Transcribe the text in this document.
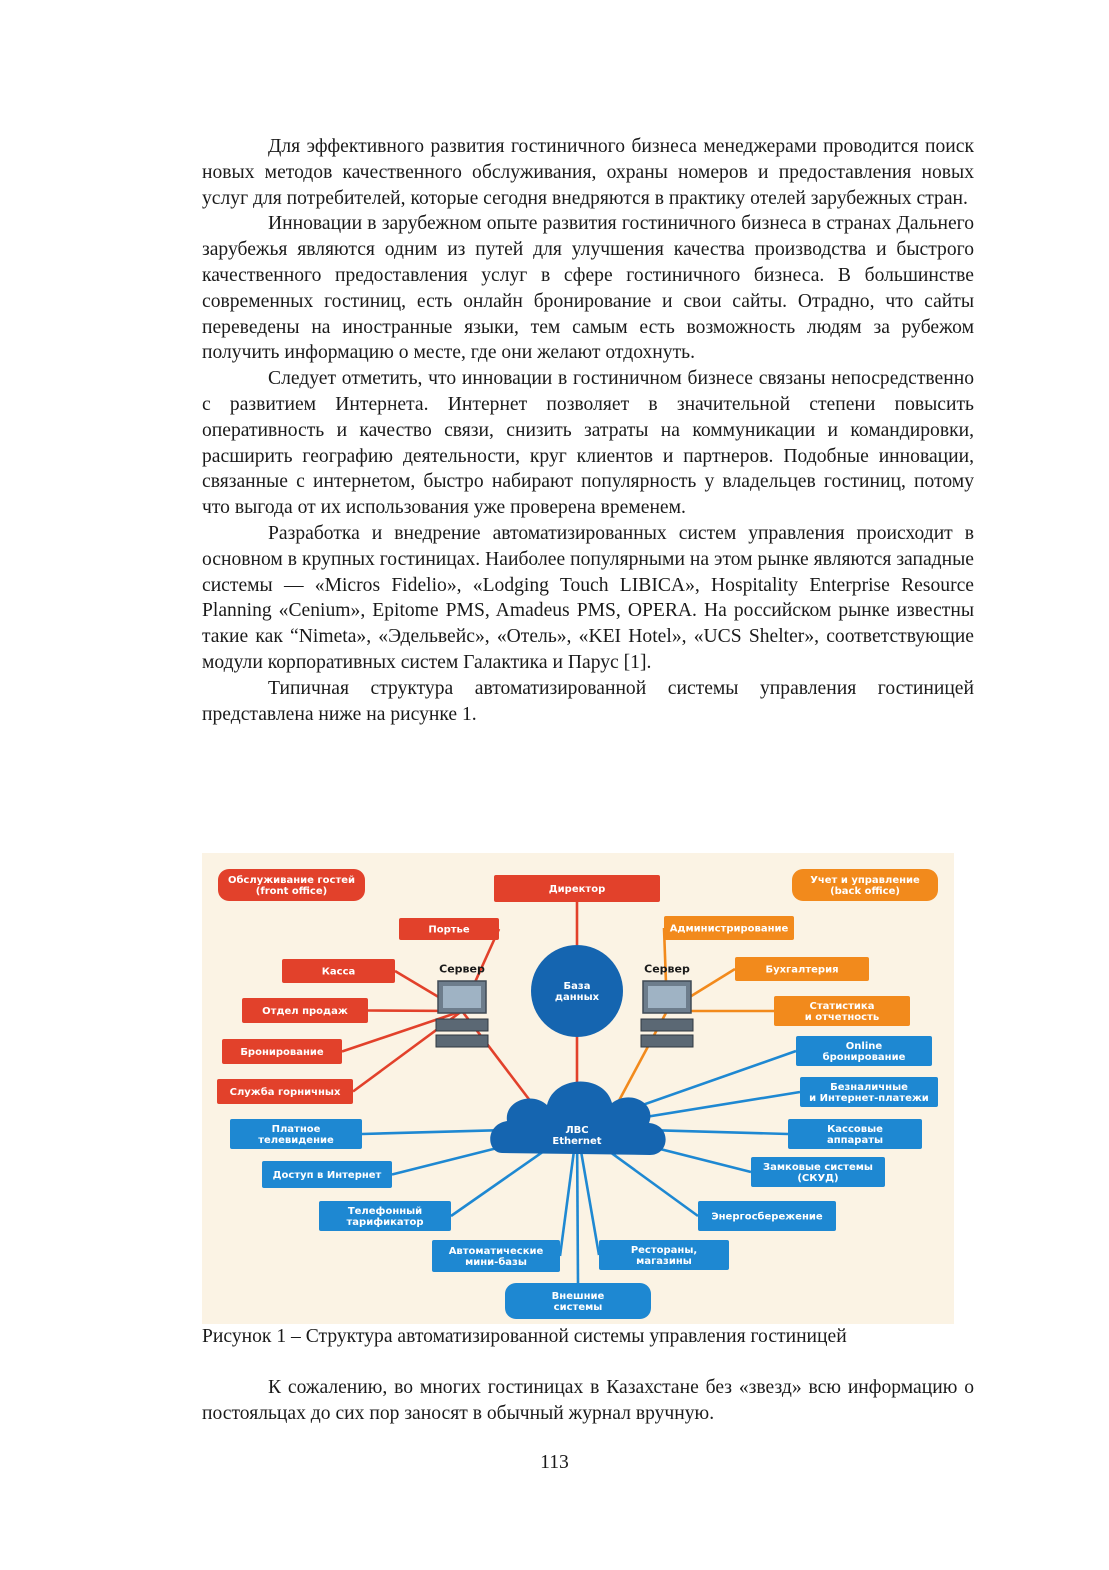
Для эффективного развития гостиничного бизнеса менеджерами проводится поиск новых методов качественного обслуживания, охраны номеров и предоставления новых услуг для потребителей, которые сегодня внедряются в практику отелей зарубежных стран.

Инновации в зарубежном опыте развития гостиничного бизнеса в странах Дальнего зарубежья являются одним из путей для улучшения качества производства и быстрого качественного предоставления услуг в сфере гостиничного бизнеса. В большинстве современных гостиниц, есть онлайн бронирование и свои сайты. Отрадно, что сайты переведены на иностранные языки, тем самым есть возможность людям за рубежом получить информацию о месте, где они желают отдохнуть.

Следует отметить, что инновации в гостиничном бизнесе связаны непосредственно с развитием Интернета. Интернет позволяет в значительной степени повысить оперативность и качество связи, снизить затраты на коммуникации и командировки, расширить географию деятельности, круг клиентов и партнеров. Подобные инновации, связанные с интернетом, быстро набирают популярность у владельцев гостиниц, потому что выгода от их использования уже проверена временем.

Разработка и внедрение автоматизированных систем управления происходит в основном в крупных гостиницах. Наиболее популярными на этом рынке являются западные системы — «Micros Fidelio», «Lodging Touch LIBICA», Hospitality Enterprise Resource Planning «Cenium», Epitome PMS, Amadeus PMS, OPERA. На российском рынке известны такие как “Nimeta», «Эдельвейс», «Отель», «KEI Hotel», «UCS Shelter», соответствующие модули корпоративных систем Галактика и Парус [1].

Типичная структура автоматизированной системы управления гостиницей представлена ниже на рисунке 1.

Обслуживание гостей (front office)
Учет и управление (back office)
Директор
Портье
Касса
Отдел продаж
Бронирование
Служба горничных
Администрирование
Бухгалтерия
Статистика и отчетность
Платное телевидение
Доступ в Интернет
Телефонный тарификатор
Автоматические мини-базы
Online бронирование
Безналичные и Интернет-платежи
Кассовые аппараты
Замковые системы (СКУД)
Энергосбережение
Рестораны, магазины
Внешние системы
База данных
Сервер	Сервер
ЛВС Ethernet
Рисунок 1 – Структура автоматизированной системы управления гостиницей

К сожалению, во многих гостиницах в Казахстане без «звезд» всю информацию о постояльцах до сих пор заносят в обычный журнал вручную.

113
